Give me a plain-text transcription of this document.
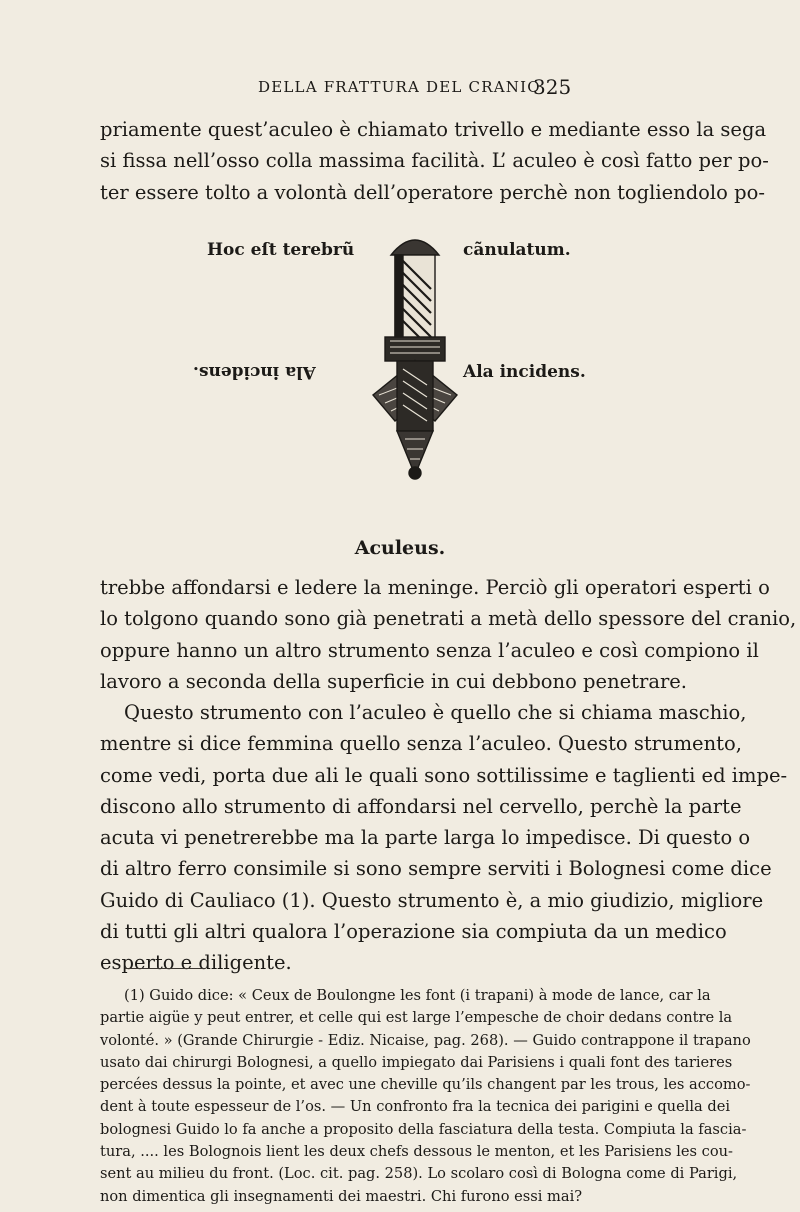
DELLA FRATTURA DEL CRANIO
325
priamente quest’aculeo è chiamato trivello e mediante esso la sega
si fissa nell’osso colla massima facilità. L’ aculeo è così fatto per po-
ter essere tolto a volontà dell’operatore perchè non togliendolo po-
Hoc eſt terebrũ	cãnulatum.
Ala incidens.	Ala incidens.
Aculeus.
trebbe affondarsi e ledere la meninge. Perciò gli operatori esperti o
lo tolgono quando sono già penetrati a metà dello spessore del cranio,
oppure hanno un altro strumento senza l’aculeo e così compiono il
lavoro a seconda della superficie in cui debbono penetrare.
Questo strumento con l’aculeo è quello che si chiama maschio,
mentre si dice femmina quello senza l’aculeo. Questo strumento,
come vedi, porta due ali le quali sono sottilissime e taglienti ed impe-
discono allo strumento di affondarsi nel cervello, perchè la parte
acuta vi penetrerebbe ma la parte larga lo impedisce. Di questo o
di altro ferro consimile si sono sempre serviti i Bolognesi come dice
Guido di Cauliaco (1). Questo strumento è, a mio giudizio, migliore
di tutti gli altri qualora l’operazione sia compiuta da un medico
esperto e diligente.
(1) Guido dice: « Ceux de Boulongne les font (i trapani) à mode de lance, car la
partie aigüe y peut entrer, et celle qui est large l’empesche de choir dedans contre la
volonté. » (Grande Chirurgie - Ediz. Nicaise, pag. 268). — Guido contrappone il trapano
usato dai chirurgi Bolognesi, a quello impiegato dai Parisiens i quali font des tarieres
percées dessus la pointe, et avec une cheville qu’ils changent par les trous, les accomo-
dent à toute espesseur de l’os. — Un confronto fra la tecnica dei parigini e quella dei
bolognesi Guido lo fa anche a proposito della fasciatura della testa. Compiuta la fascia-
tura, .... les Bolognois lient les deux chefs dessous le menton, et les Parisiens les cou-
sent au milieu du front. (Loc. cit. pag. 258). Lo scolaro così di Bologna come di Parigi,
non dimentica gli insegnamenti dei maestri. Chi furono essi mai?
